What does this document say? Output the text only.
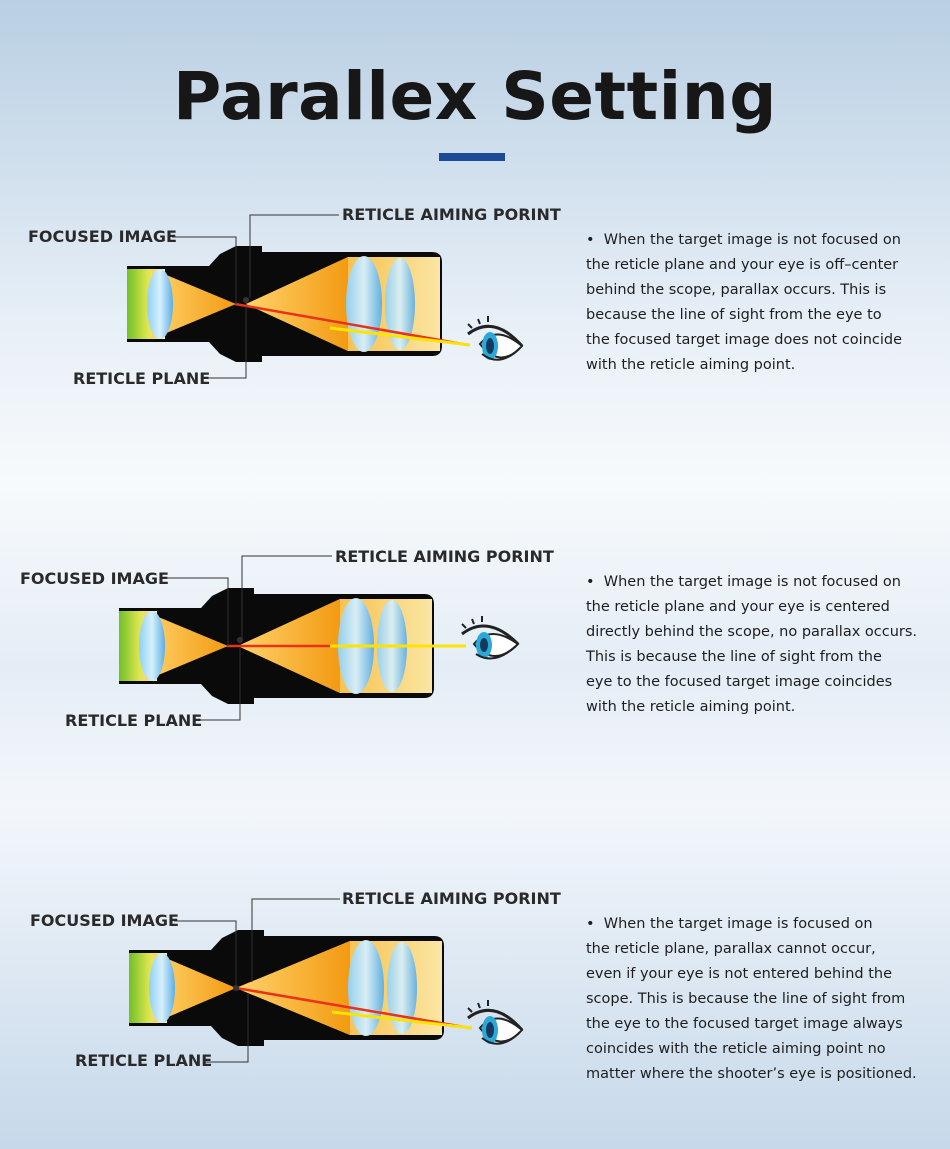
Parallex Setting
FOCUSED IMAGE
RETICLE AIMING PORINT
RETICLE PLANE
• When the target image is not focused on
the reticle plane and your eye is off–center
behind the scope, parallax occurs. This is
because the line of sight from the eye to
the focused target image does not coincide
with the reticle aiming point.
FOCUSED IMAGE
RETICLE AIMING PORINT
RETICLE PLANE
• When the target image is not focused on
the reticle plane and your eye is centered
directly behind the scope, no parallax occurs.
This is because the line of sight from the
eye to the focused target image coincides
with the reticle aiming point.
FOCUSED IMAGE
RETICLE AIMING PORINT
RETICLE PLANE
• When the target image is focused on
the reticle plane, parallax cannot occur,
even if your eye is not entered behind the
scope. This is because the line of sight from
the eye to the focused target image always
coincides with the reticle aiming point no
matter where the shooter’s eye is positioned.
